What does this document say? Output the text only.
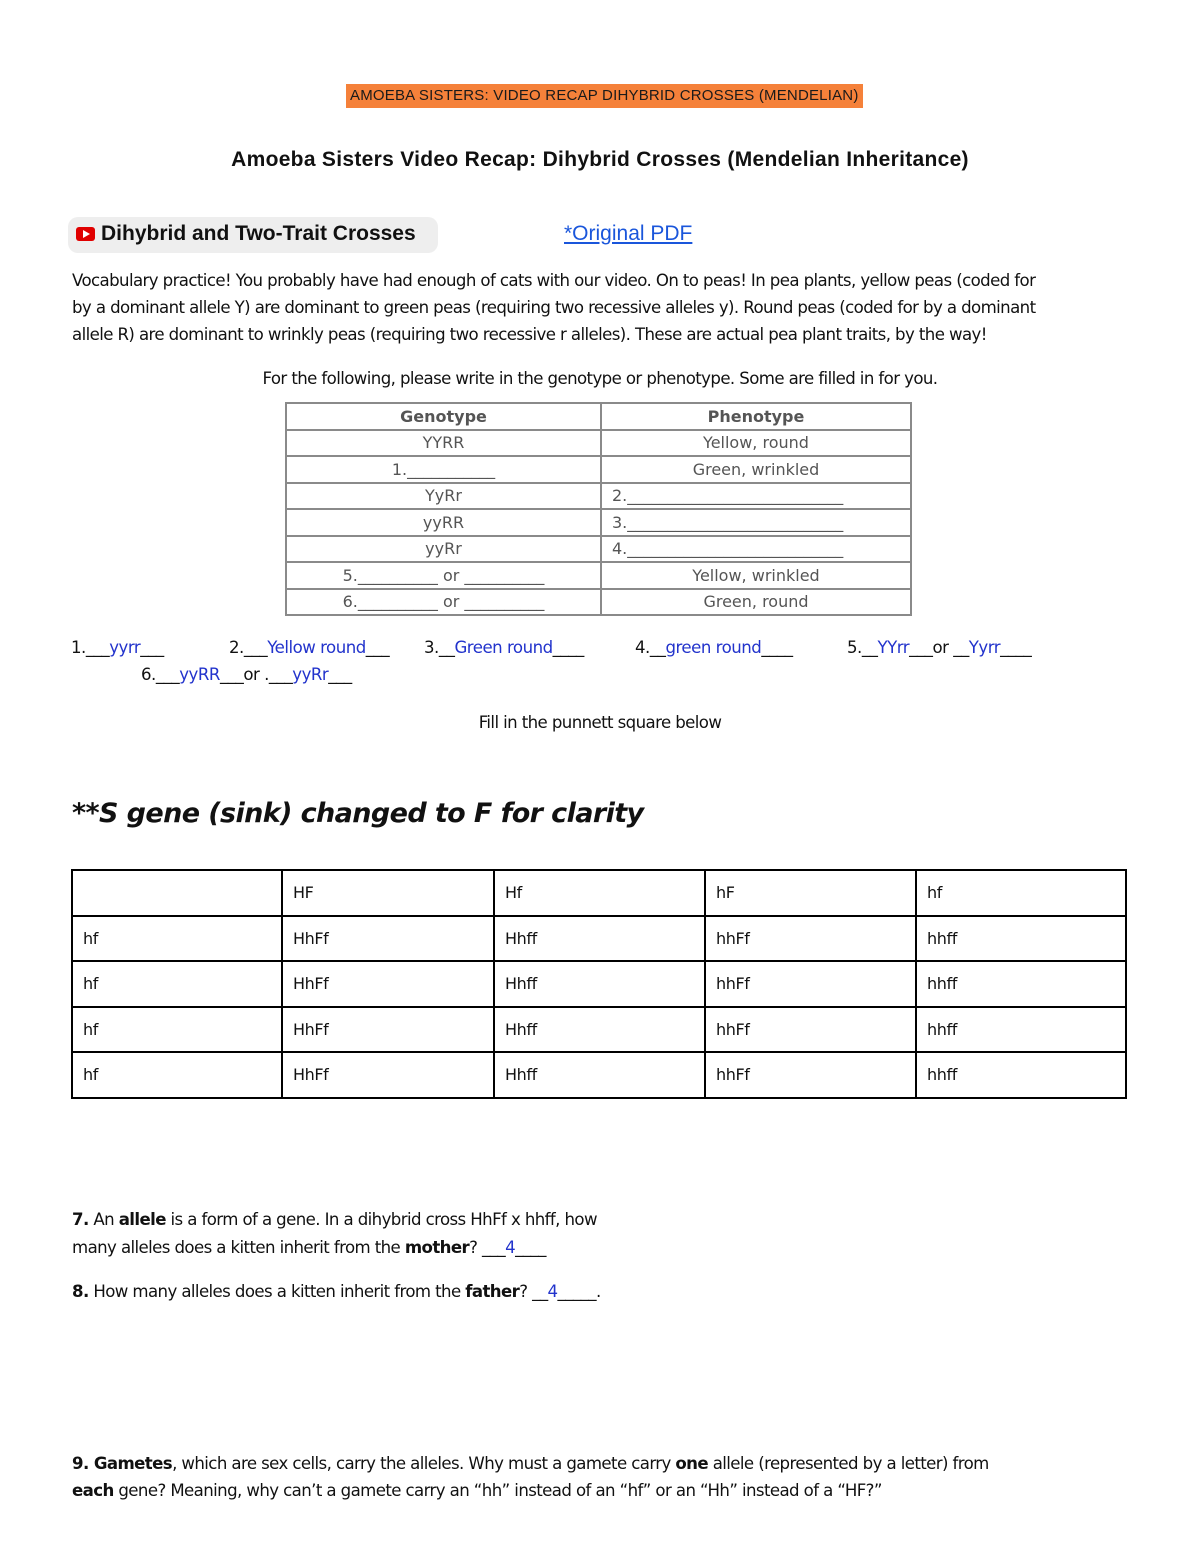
AMOEBA SISTERS: VIDEO RECAP DIHYBRID CROSSES (MENDELIAN)
Amoeba Sisters Video Recap: Dihybrid Crosses (Mendelian Inheritance)
Dihybrid and Two-Trait Crosses	*Original PDF
Vocabulary practice! You probably have had enough of cats with our video. On to peas! In pea plants, yellow peas (coded for
by a dominant allele Y) are dominant to green peas (requiring two recessive alleles y). Round peas (coded for by a dominant
allele R) are dominant to wrinkly peas (requiring two recessive r alleles). These are actual pea plant traits, by the way!
For the following, please write in the genotype or phenotype. Some are filled in for you.
Genotype	Phenotype
YYRR	Yellow, round
1.___________	Green, wrinkled
YyRr	2.___________________________
yyRR	3.___________________________
yyRr	4.___________________________
5.__________ or __________	Yellow, wrinkled
6.__________ or __________	Green, round
1.___yyrr___	2.___Yellow round___ 3.__Green round____	4.__green round____	5.__YYrr___or __Yyrr____
6.___yyRR___or .___yyRr___
Fill in the punnett square below
**S gene (sink) changed to F for clarity
	HF	Hf	hF	hf
hf	HhFf	Hhff	hhFf	hhff
hf	HhFf	Hhff	hhFf	hhff
hf	HhFf	Hhff	hhFf	hhff
hf	HhFf	Hhff	hhFf	hhff
7. An allele is a form of a gene. In a dihybrid cross HhFf x hhff, how
many alleles does a kitten inherit from the mother? ___4____
8. How many alleles does a kitten inherit from the father? __4_____.
9. Gametes, which are sex cells, carry the alleles. Why must a gamete carry one allele (represented by a letter) from
each gene? Meaning, why can’t a gamete carry an “hh” instead of an “hf” or an “Hh” instead of a “HF?”
